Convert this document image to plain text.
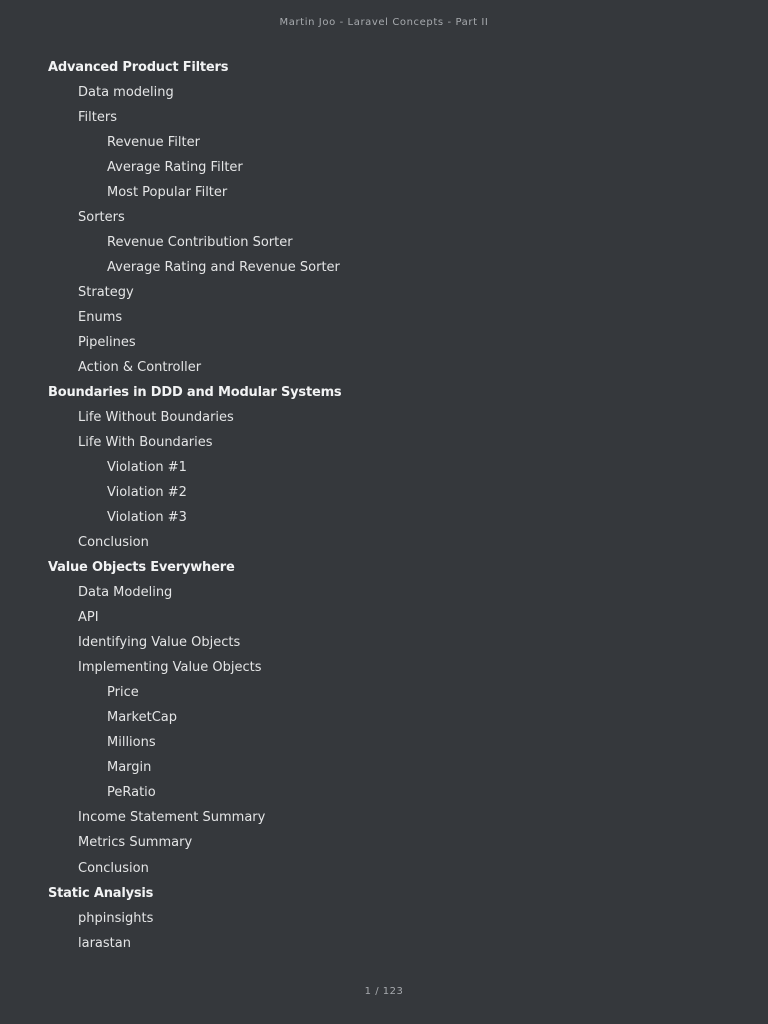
Martin Joo - Laravel Concepts - Part II
Advanced Product Filters
Data modeling
Filters
Revenue Filter
Average Rating Filter
Most Popular Filter
Sorters
Revenue Contribution Sorter
Average Rating and Revenue Sorter
Strategy
Enums
Pipelines
Action & Controller
Boundaries in DDD and Modular Systems
Life Without Boundaries
Life With Boundaries
Violation #1
Violation #2
Violation #3
Conclusion
Value Objects Everywhere
Data Modeling
API
Identifying Value Objects
Implementing Value Objects
Price
MarketCap
Millions
Margin
PeRatio
Income Statement Summary
Metrics Summary
Conclusion
Static Analysis
phpinsights
larastan
1 / 123
